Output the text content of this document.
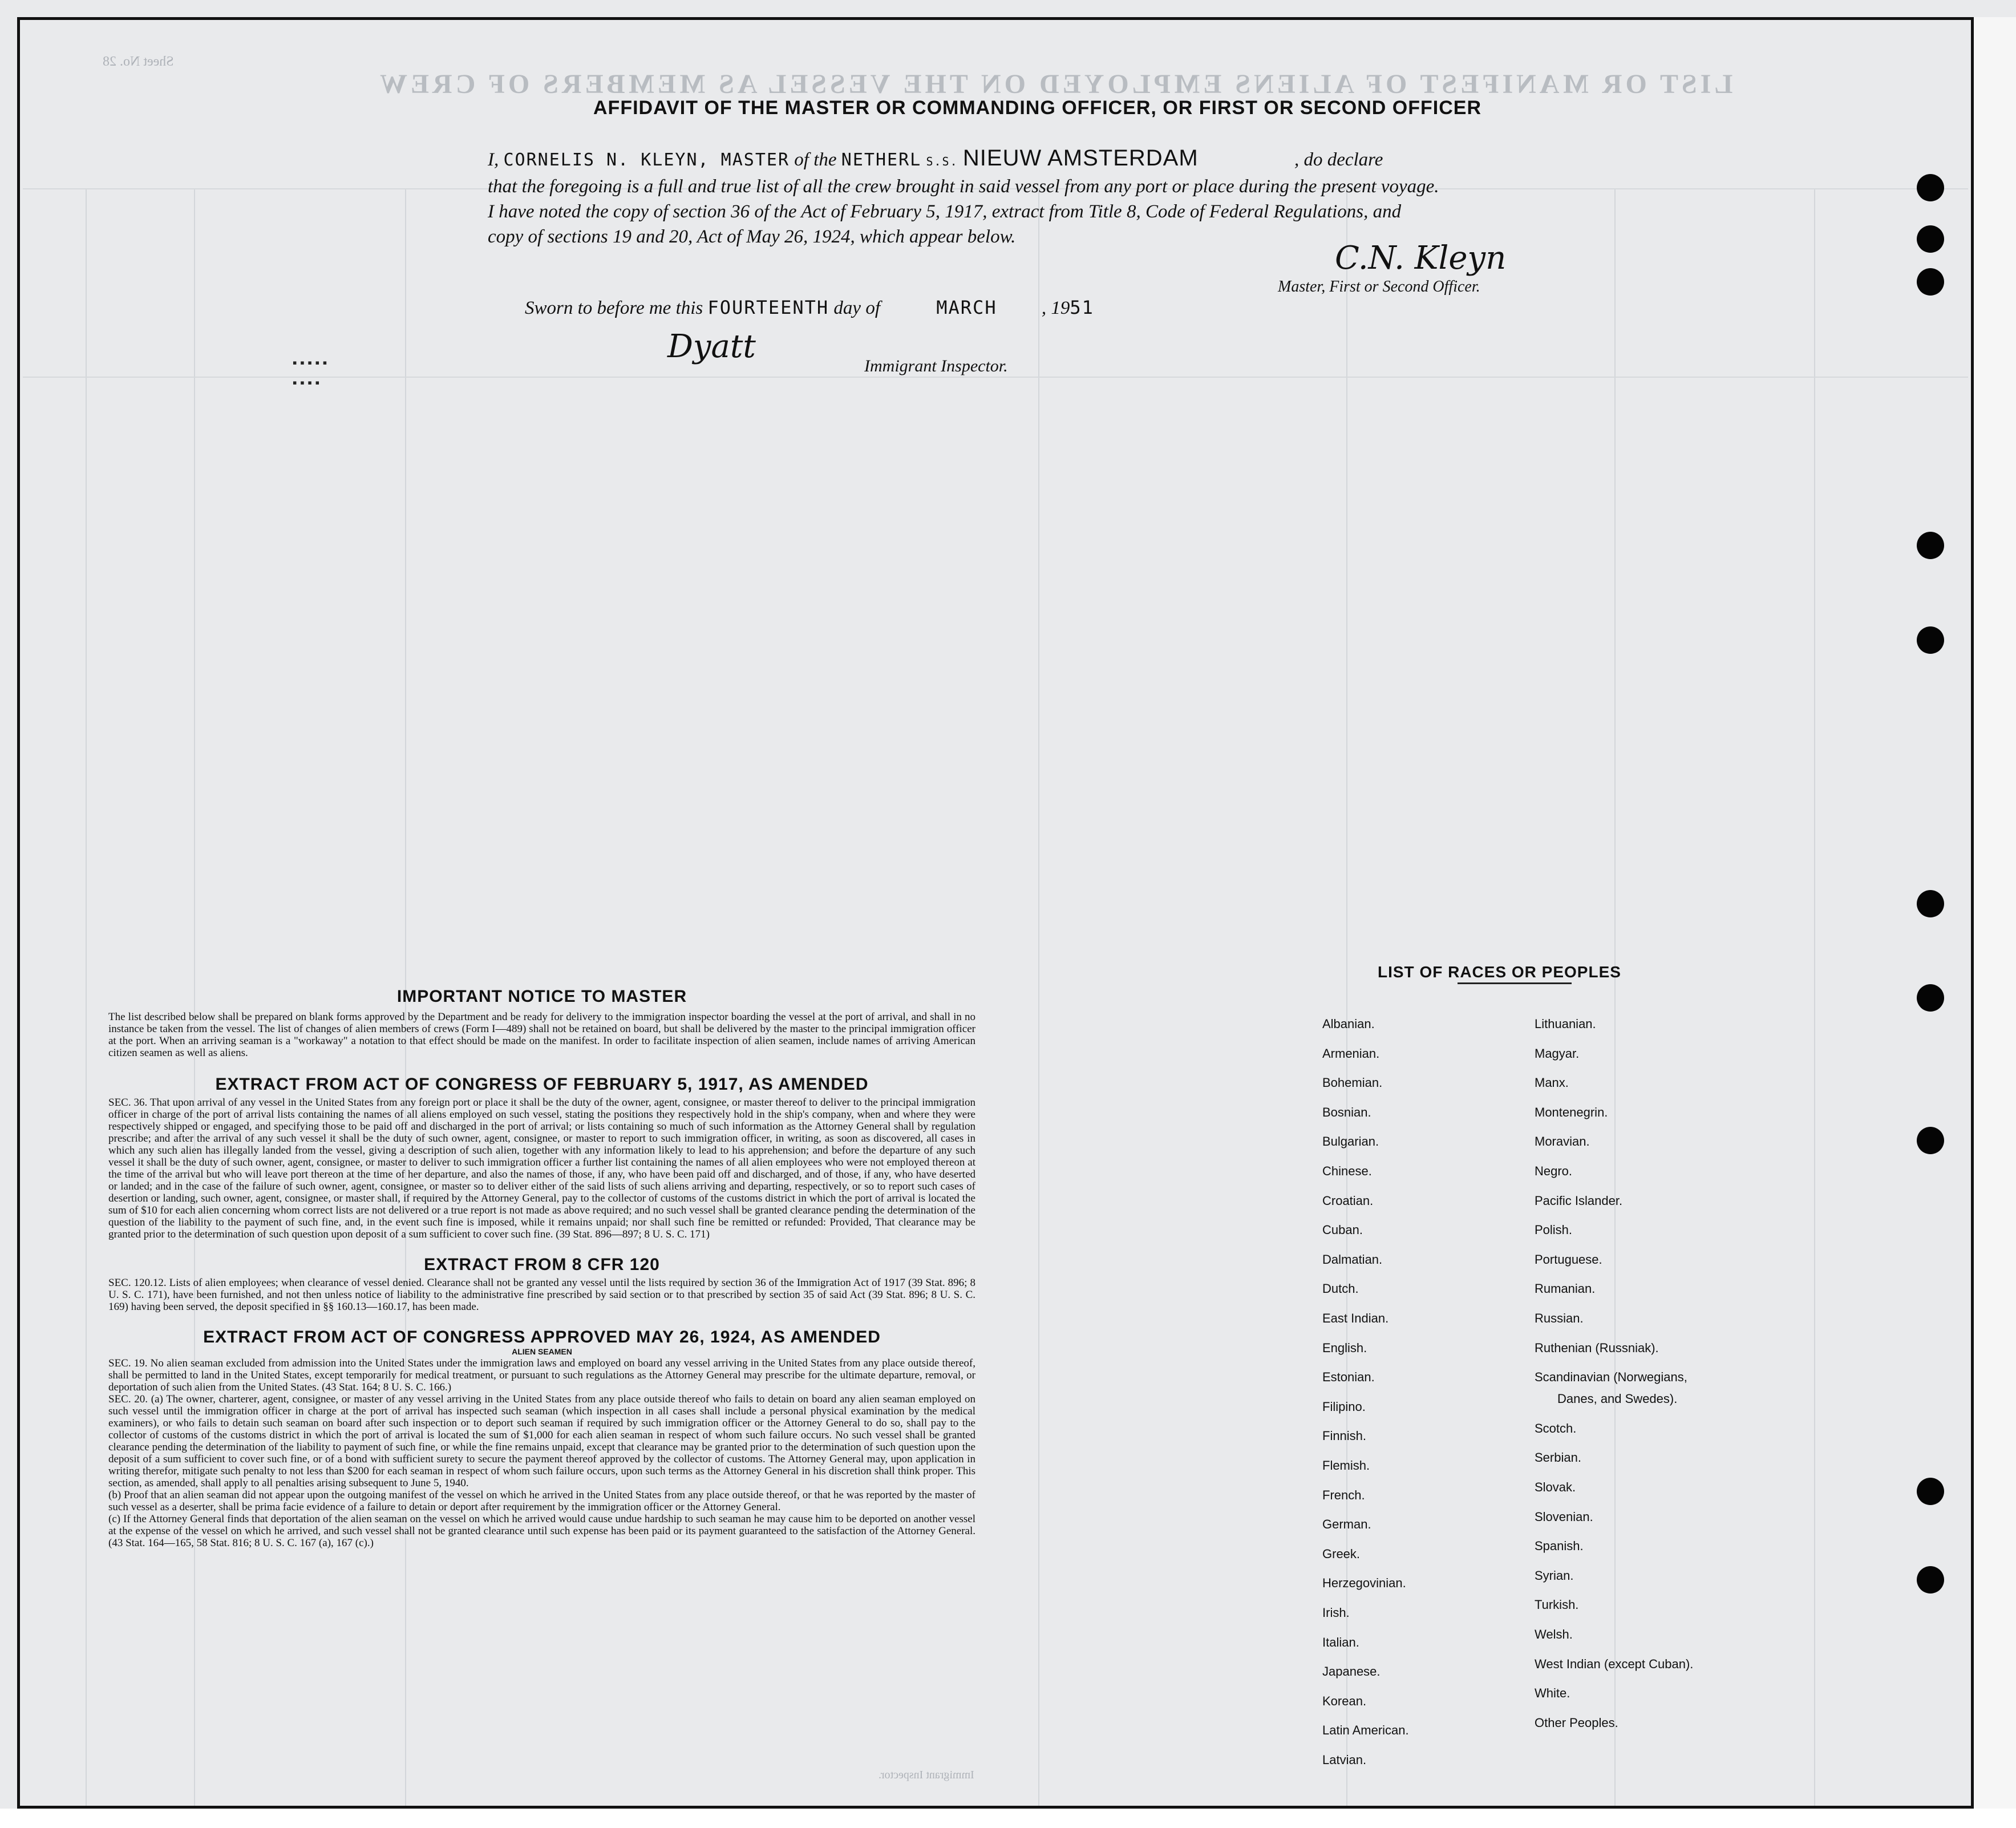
LIST OR MANIFEST OF ALIENS EMPLOYED ON THE VESSEL AS MEMBERS OF CREW
Sheet No. 28
Immigrant Inspector.
AFFIDAVIT OF THE MASTER OR COMMANDING OFFICER, OR FIRST OR SECOND OFFICER
I, CORNELIS N. KLEYN, MASTER of the NETHERL S.S. NIEUW AMSTERDAM	, do declare
that the foregoing is a full and true list of all the crew brought in said vessel from any port or place during the present voyage.
I have noted the copy of section 36 of the Act of February 5, 1917, extract from Title 8, Code of Federal Regulations, and
copy of sections 19 and 20, Act of May 26, 1924, which appear below.
C.N. Kleyn
Master, First or Second Officer.
Sworn to before me this FOURTEENTH day of	MARCH , 1951
Dyatt
Immigrant Inspector.
IMPORTANT NOTICE TO MASTER

The list described below shall be prepared on blank forms approved by the Department and be ready for delivery to the immigration inspector boarding the vessel at the port of arrival, and shall in no instance be taken from the vessel. The list of changes of alien members of crews (Form I—489) shall not be retained on board, but shall be delivered by the master to the principal immigration officer at the port. When an arriving seaman is a "workaway" a notation to that effect should be made on the manifest. In order to facilitate inspection of alien seamen, include names of arriving American citizen seamen as well as aliens.

EXTRACT FROM ACT OF CONGRESS OF FEBRUARY 5, 1917, AS AMENDED

SEC. 36. That upon arrival of any vessel in the United States from any foreign port or place it shall be the duty of the owner, agent, consignee, or master thereof to deliver to the principal immigration officer in charge of the port of arrival lists containing the names of all aliens employed on such vessel, stating the positions they respectively hold in the ship's company, when and where they were respectively shipped or engaged, and specifying those to be paid off and discharged in the port of arrival; or lists containing so much of such information as the Attorney General shall by regulation prescribe; and after the arrival of any such vessel it shall be the duty of such owner, agent, consignee, or master to report to such immigration officer, in writing, as soon as discovered, all cases in which any such alien has illegally landed from the vessel, giving a description of such alien, together with any information likely to lead to his apprehension; and before the departure of any such vessel it shall be the duty of such owner, agent, consignee, or master to deliver to such immigration officer a further list containing the names of all alien employees who were not employed thereon at the time of the arrival but who will leave port thereon at the time of her departure, and also the names of those, if any, who have been paid off and discharged, and of those, if any, who have deserted or landed; and in the case of the failure of such owner, agent, consignee, or master so to deliver either of the said lists of such aliens arriving and departing, respectively, or so to report such cases of desertion or landing, such owner, agent, consignee, or master shall, if required by the Attorney General, pay to the collector of customs of the customs district in which the port of arrival is located the sum of $10 for each alien concerning whom correct lists are not delivered or a true report is not made as above required; and no such vessel shall be granted clearance pending the determination of the question of the liability to the payment of such fine, and, in the event such fine is imposed, while it remains unpaid; nor shall such fine be remitted or refunded: Provided, That clearance may be granted prior to the determination of such question upon deposit of a sum sufficient to cover such fine. (39 Stat. 896—897; 8 U. S. C. 171)

EXTRACT FROM 8 CFR 120

SEC. 120.12. Lists of alien employees; when clearance of vessel denied. Clearance shall not be granted any vessel until the lists required by section 36 of the Immigration Act of 1917 (39 Stat. 896; 8 U. S. C. 171), have been furnished, and not then unless notice of liability to the administrative fine prescribed by said section or to that prescribed by section 35 of said Act (39 Stat. 896; 8 U. S. C. 169) having been served, the deposit specified in §§ 160.13—160.17, has been made.

EXTRACT FROM ACT OF CONGRESS APPROVED MAY 26, 1924, AS AMENDED
ALIEN SEAMEN

SEC. 19. No alien seaman excluded from admission into the United States under the immigration laws and employed on board any vessel arriving in the United States from any place outside thereof, shall be permitted to land in the United States, except temporarily for medical treatment, or pursuant to such regulations as the Attorney General may prescribe for the ultimate departure, removal, or deportation of such alien from the United States. (43 Stat. 164; 8 U. S. C. 166.)

SEC. 20. (a) The owner, charterer, agent, consignee, or master of any vessel arriving in the United States from any place outside thereof who fails to detain on board any alien seaman employed on such vessel until the immigration officer in charge at the port of arrival has inspected such seaman (which inspection in all cases shall include a personal physical examination by the medical examiners), or who fails to detain such seaman on board after such inspection or to deport such seaman if required by such immigration officer or the Attorney General to do so, shall pay to the collector of customs of the customs district in which the port of arrival is located the sum of $1,000 for each alien seaman in respect of whom such failure occurs. No such vessel shall be granted clearance pending the determination of the liability to payment of such fine, or while the fine remains unpaid, except that clearance may be granted prior to the determination of such question upon the deposit of a sum sufficient to cover such fine, or of a bond with sufficient surety to secure the payment thereof approved by the collector of customs. The Attorney General may, upon application in writing therefor, mitigate such penalty to not less than $200 for each seaman in respect of whom such failure occurs, upon such terms as the Attorney General in his discretion shall think proper. This section, as amended, shall apply to all penalties arising subsequent to June 5, 1940.

(b) Proof that an alien seaman did not appear upon the outgoing manifest of the vessel on which he arrived in the United States from any place outside thereof, or that he was reported by the master of such vessel as a deserter, shall be prima facie evidence of a failure to detain or deport after requirement by the immigration officer or the Attorney General.

(c) If the Attorney General finds that deportation of the alien seaman on the vessel on which he arrived would cause undue hardship to such seaman he may cause him to be deported on another vessel at the expense of the vessel on which he arrived, and such vessel shall not be granted clearance until such expense has been paid or its payment guaranteed to the satisfaction of the Attorney General. (43 Stat. 164—165, 58 Stat. 816; 8 U. S. C. 167 (a), 167 (c).)

LIST OF RACES OR PEOPLES
Albanian.
Armenian.
Bohemian.
Bosnian.
Bulgarian.
Chinese.
Croatian.
Cuban.
Dalmatian.
Dutch.
East Indian.
English.
Estonian.
Filipino.
Finnish.
Flemish.
French.
German.
Greek.
Herzegovinian.
Irish.
Italian.
Japanese.
Korean.
Latin American.
Latvian.
Lithuanian.
Magyar.
Manx.
Montenegrin.
Moravian.
Negro.
Pacific Islander.
Polish.
Portuguese.
Rumanian.
Russian.
Ruthenian (Russniak).
Scandinavian (Norwegians,
Danes, and Swedes).
Scotch.
Serbian.
Slovak.
Slovenian.
Spanish.
Syrian.
Turkish.
Welsh.
West Indian (except Cuban).
White.
Other Peoples.
▪▪▪▪▪
▪▪▪▪
